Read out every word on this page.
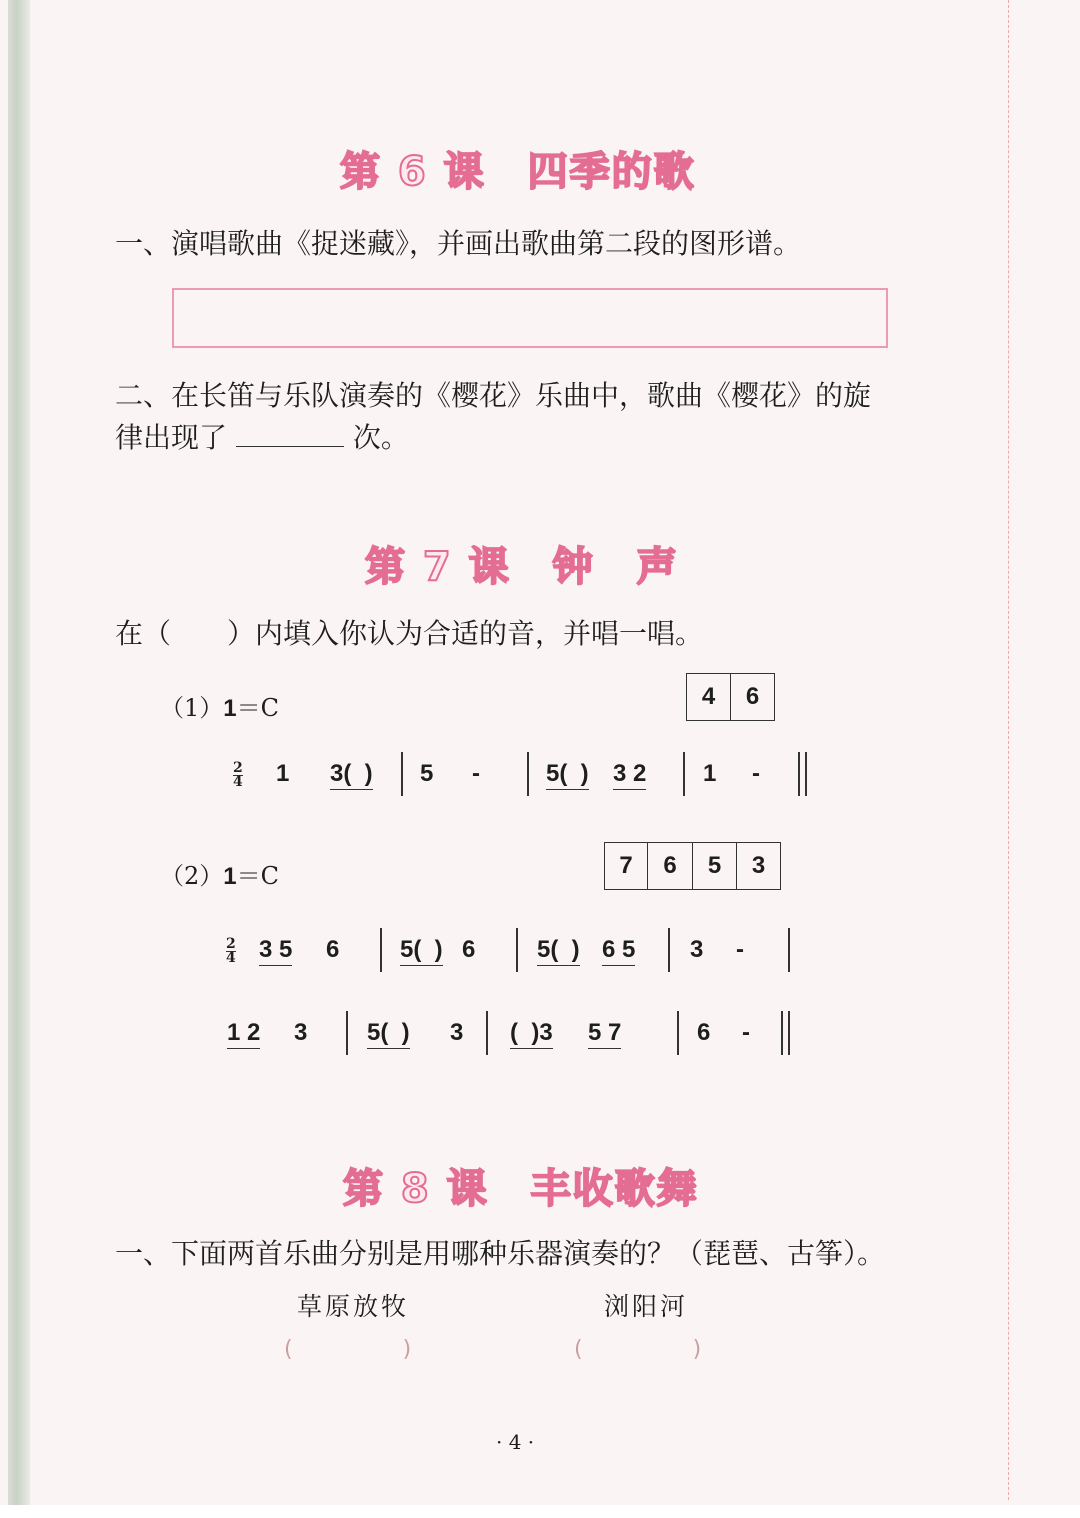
第 6 课　四季的歌
一、演唱歌曲《捉迷藏》，并画出歌曲第二段的图形谱。
二、在长笛与乐队演奏的《樱花》乐曲中，歌曲《樱花》的旋
律出现了	次。
第 7 课　钟　声
在（　　）内填入你认为合适的音，并唱一唱。
（1）1＝C	4	6
$\frac{2}{4} 1$ 3(  ) 5 -	5(  ) 3 2 1 -
（2）1＝C	7	6	5	3
$\frac{2}{4} 3$ 5 6	5(  ) 6	5(  ) 6 5 3 -
1 2 3 5(  ) 3 (  )3 5 7	6 -
第 8 课　丰收歌舞
一、下面两首乐曲分别是用哪种乐器演奏的？（琵琶、古筝）。
草原放牧	浏阳河
(　　　　　)	(　　　　　)
· 4 ·
